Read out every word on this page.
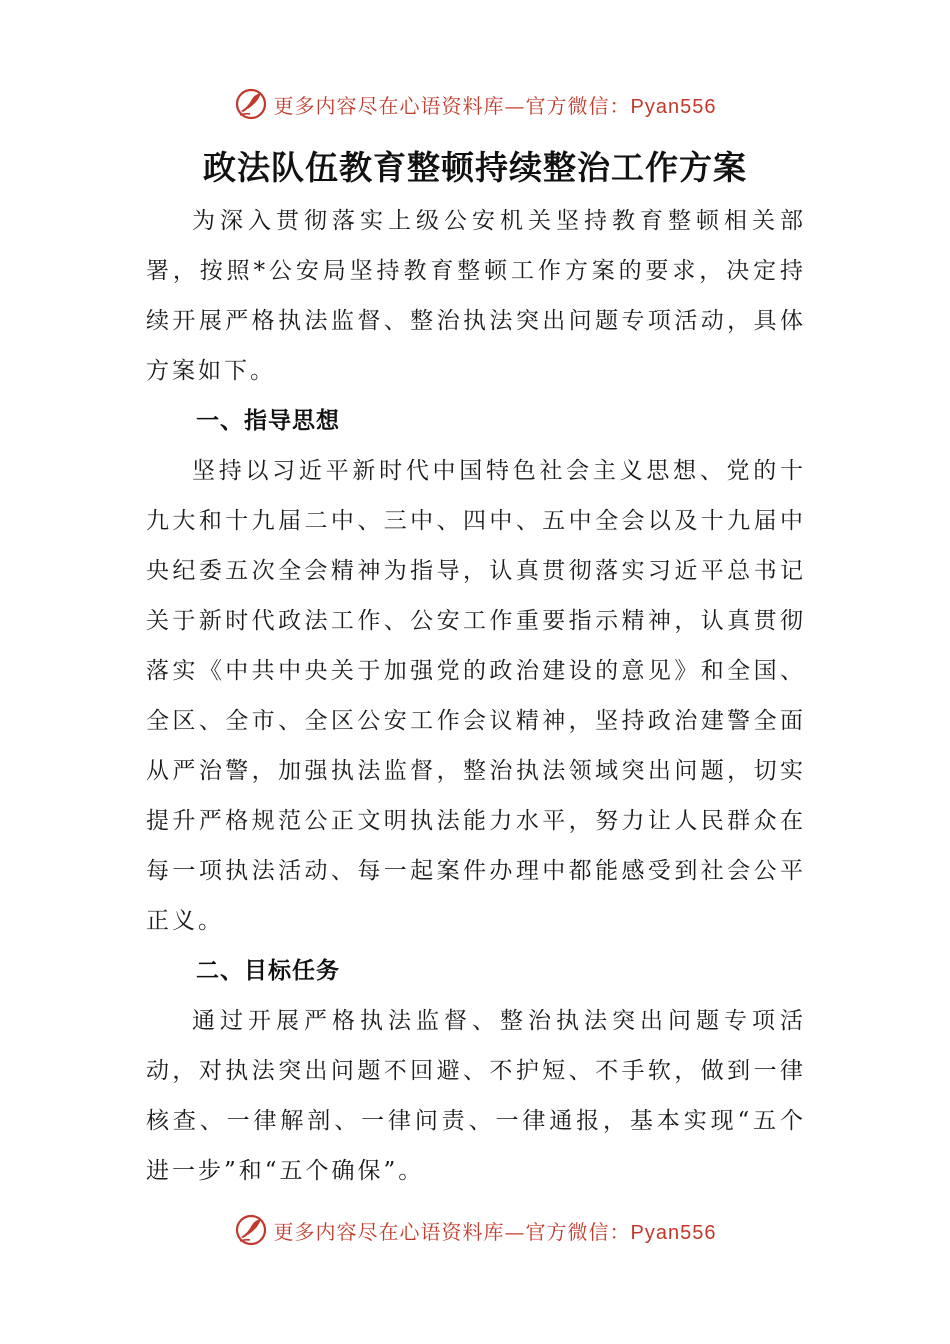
更多内容尽在心语资料库—官方微信：Pyan556
政法队伍教育整顿持续整治工作方案

为深入贯彻落实上级公安机关坚持教育整顿相关部署，按照*公安局坚持教育整顿工作方案的要求，决定持续开展严格执法监督、整治执法突出问题专项活动，具体方案如下。

一、指导思想

坚持以习近平新时代中国特色社会主义思想、党的十九大和十九届二中、三中、四中、五中全会以及十九届中央纪委五次全会精神为指导，认真贯彻落实习近平总书记关于新时代政法工作、公安工作重要指示精神，认真贯彻落实《中共中央关于加强党的政治建设的意见》和全国、全区、全市、全区公安工作会议精神，坚持政治建警全面从严治警，加强执法监督，整治执法领域突出问题，切实提升严格规范公正文明执法能力水平，努力让人民群众在每一项执法活动、每一起案件办理中都能感受到社会公平正义。

二、目标任务

通过开展严格执法监督、整治执法突出问题专项活动，对执法突出问题不回避、不护短、不手软，做到一律核查、一律解剖、一律问责、一律通报，基本实现“五个进一步”和“五个确保”。

更多内容尽在心语资料库—官方微信：Pyan556
